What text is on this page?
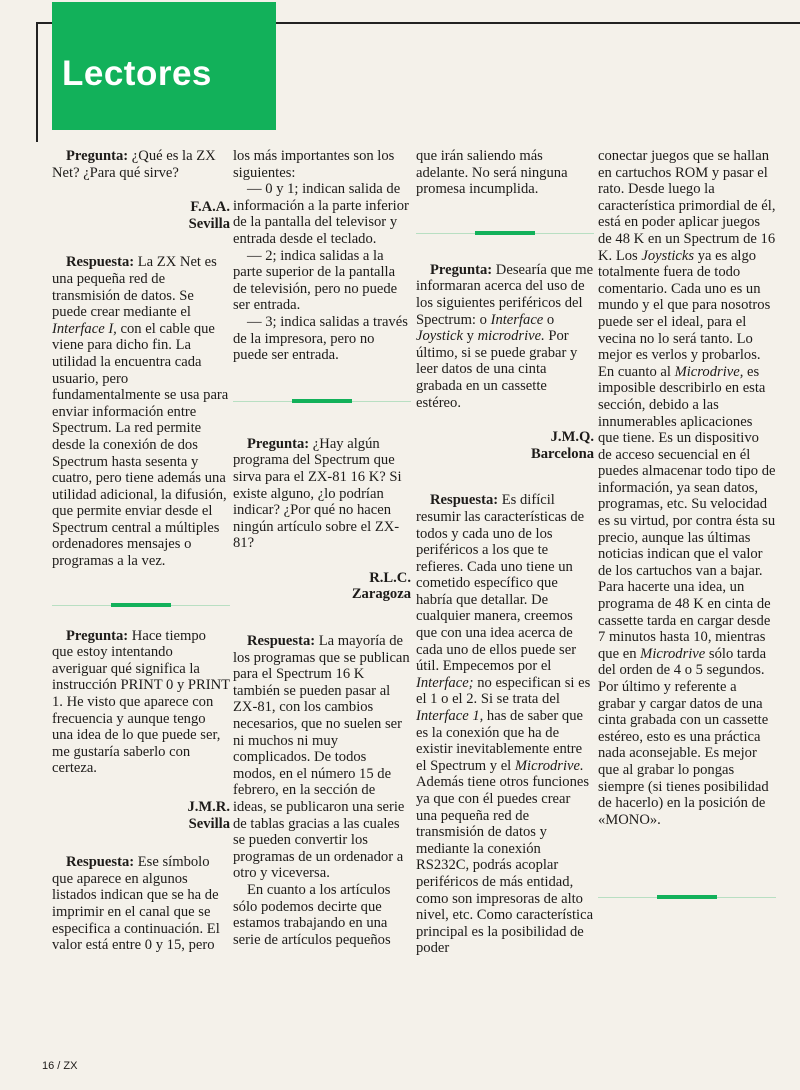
Lectores

Pregunta: ¿Qué es la ZX Net? ¿Para qué sirve?

F.A.A.
Sevilla

Respuesta: La ZX Net es una pequeña red de transmisión de datos. Se puede crear mediante el Interface I, con el cable que viene para dicho fin. La utilidad la encuentra cada usuario, pero fundamentalmente se usa para enviar información entre Spectrum. La red permite desde la conexión de dos Spectrum hasta sesenta y cuatro, pero tiene además una utilidad adicional, la difusión, que permite enviar desde el Spectrum central a múltiples ordenadores mensajes o programas a la vez.

Pregunta: Hace tiempo que estoy intentando averiguar qué significa la instrucción PRINT 0 y PRINT 1. He visto que aparece con frecuencia y aunque tengo una idea de lo que puede ser, me gustaría saberlo con certeza.

J.M.R.
Sevilla

Respuesta: Ese símbolo que aparece en algunos listados indican que se ha de imprimir en el canal que se especifica a continuación. El valor está entre 0 y 15, pero

los más importantes son los siguientes:

— 0 y 1; indican salida de información a la parte inferior de la pantalla del televisor y entrada desde el teclado.

— 2; indica salidas a la parte superior de la pantalla de televisión, pero no puede ser entrada.

— 3; indica salidas a través de la impresora, pero no puede ser entrada.

Pregunta: ¿Hay algún programa del Spectrum que sirva para el ZX-81 16 K? Si existe alguno, ¿lo podrían indicar? ¿Por qué no hacen ningún artículo sobre el ZX-81?

R.L.C.
Zaragoza

Respuesta: La mayoría de los programas que se publican para el Spectrum 16 K también se pueden pasar al ZX-81, con los cambios necesarios, que no suelen ser ni muchos ni muy complicados. De todos modos, en el número 15 de febrero, en la sección de ideas, se publicaron una serie de tablas gracias a las cuales se pueden convertir los programas de un ordenador a otro y viceversa.

En cuanto a los artículos sólo podemos decirte que estamos trabajando en una serie de artículos pequeños

que irán saliendo más adelante. No será ninguna promesa incumplida.

Pregunta: Desearía que me informaran acerca del uso de los siguientes periféricos del Spectrum: o Interface o Joystick y microdrive. Por último, si se puede grabar y leer datos de una cinta grabada en un cassette estéreo.

J.M.Q.
Barcelona

Respuesta: Es difícil resumir las características de todos y cada uno de los periféricos a los que te refieres. Cada uno tiene un cometido específico que habría que detallar. De cualquier manera, creemos que con una idea acerca de cada uno de ellos puede ser útil. Empecemos por el Interface; no especifican si es el 1 o el 2. Si se trata del Interface 1, has de saber que es la conexión que ha de existir inevitablemente entre el Spectrum y el Microdrive. Además tiene otros funciones ya que con él puedes crear una pequeña red de transmisión de datos y mediante la conexión RS232C, podrás acoplar periféricos de más entidad, como son impresoras de alto nivel, etc. Como característica principal es la posibilidad de poder

conectar juegos que se hallan en cartuchos ROM y pasar el rato. Desde luego la característica primordial de él, está en poder aplicar juegos de 48 K en un Spectrum de 16 K. Los Joysticks ya es algo totalmente fuera de todo comentario. Cada uno es un mundo y el que para nosotros puede ser el ideal, para el vecina no lo será tanto. Lo mejor es verlos y probarlos. En cuanto al Microdrive, es imposible describirlo en esta sección, debido a las innumerables aplicaciones que tiene. Es un dispositivo de acceso secuencial en él puedes almacenar todo tipo de información, ya sean datos, programas, etc. Su velocidad es su virtud, por contra ésta su precio, aunque las últimas noticias indican que el valor de los cartuchos van a bajar. Para hacerte una idea, un programa de 48 K en cinta de cassette tarda en cargar desde 7 minutos hasta 10, mientras que en Microdrive sólo tarda del orden de 4 o 5 segundos. Por último y referente a grabar y cargar datos de una cinta grabada con un cassette estéreo, esto es una práctica nada aconsejable. Es mejor que al grabar lo pongas siempre (si tienes posibilidad de hacerlo) en la posición de «MONO».

16 / ZX
